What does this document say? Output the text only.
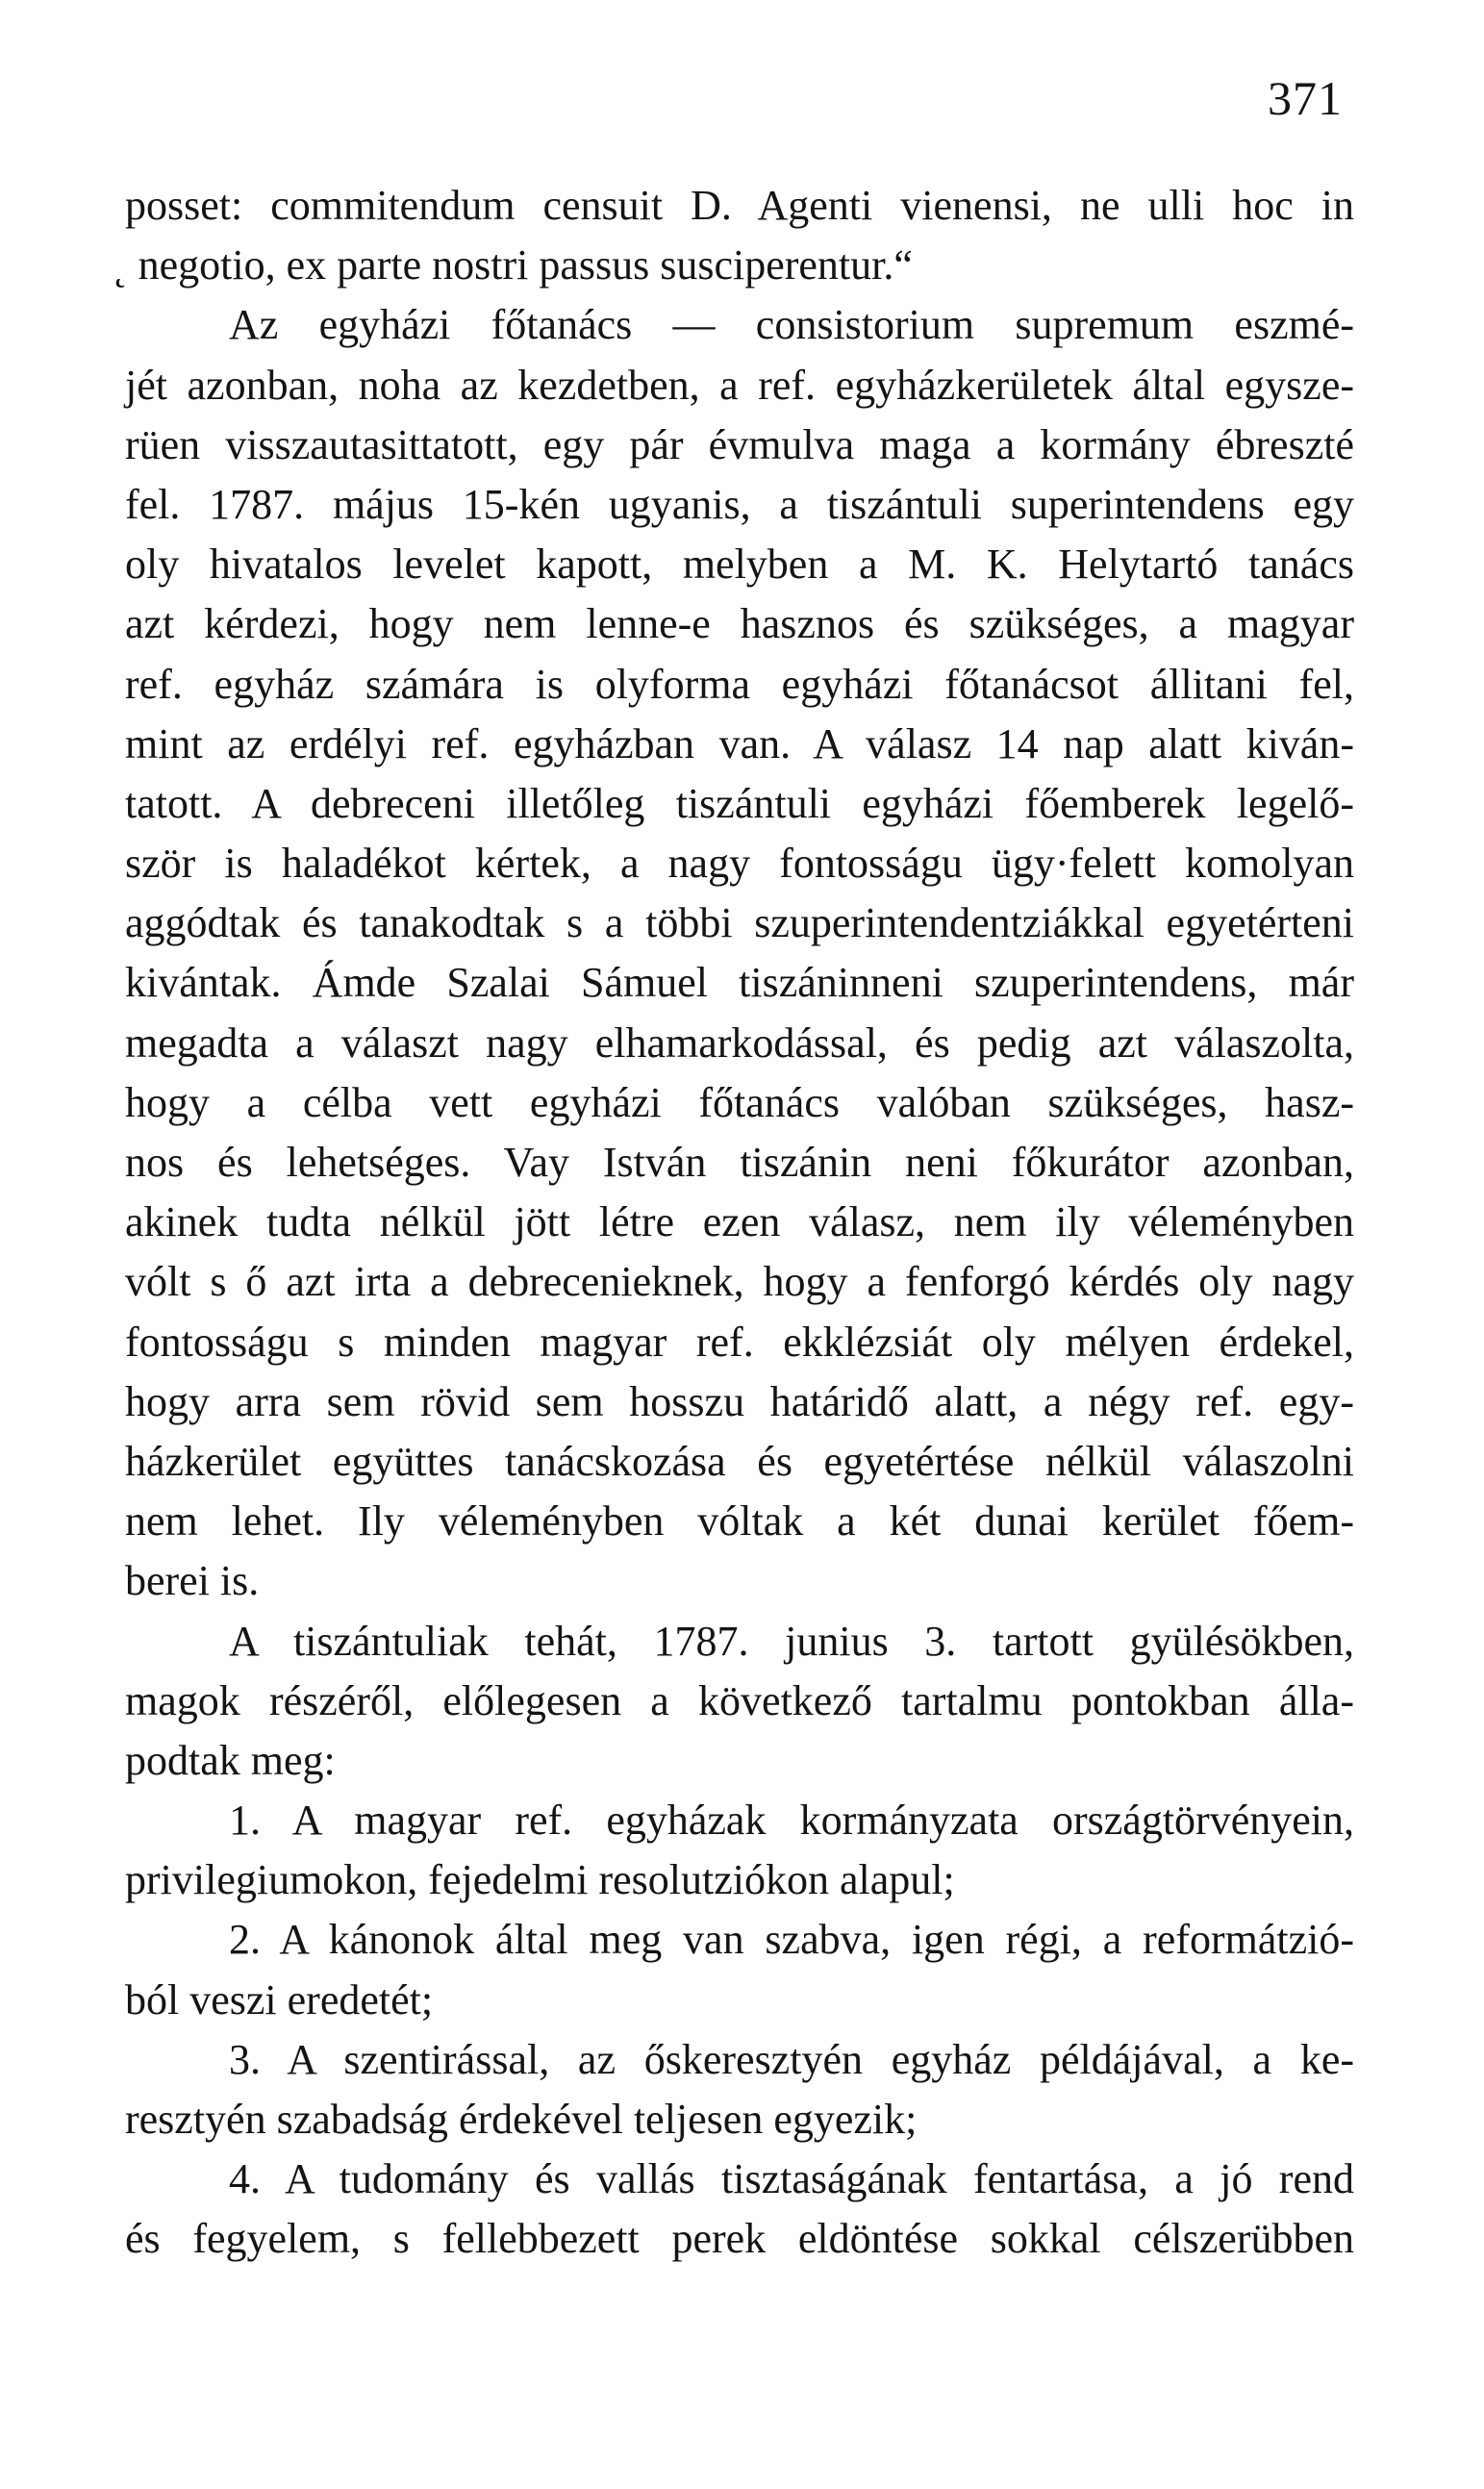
371
posset: commitendum censuit D. Agenti vienensi, ne ulli hoc in
˛ negotio, ex parte nostri passus susciperentur.“
Az egyházi főtanács — consistorium supremum eszmé-
jét azonban, noha az kezdetben, a ref. egyházkerületek által egysze-
rüen visszautasittatott, egy pár évmulva maga a kormány ébreszté
fel. 1787. május 15-kén ugyanis, a tiszántuli superintendens egy
oly hivatalos levelet kapott, melyben a M. K. Helytartó tanács
azt kérdezi, hogy nem lenne-e hasznos és szükséges, a magyar
ref. egyház számára is olyforma egyházi főtanácsot állitani fel,
mint az erdélyi ref. egyházban van. A válasz 14 nap alatt kiván-
tatott. A debreceni illetőleg tiszántuli egyházi főemberek legelő-
ször is haladékot kértek, a nagy fontosságu ügy·felett komolyan
aggódtak és tanakodtak s a többi szuperintendentziákkal egyetérteni
kivántak. Ámde Szalai Sámuel tiszáninneni szuperintendens, már
megadta a választ nagy elhamarkodással, és pedig azt válaszolta,
hogy a célba vett egyházi főtanács valóban szükséges, hasz-
nos és lehetséges. Vay István tiszánin neni főkurátor azonban,
akinek tudta nélkül jött létre ezen válasz, nem ily véleményben
vólt s ő azt irta a debrecenieknek, hogy a fenforgó kérdés oly nagy
fontosságu s minden magyar ref. ekklézsiát oly mélyen érdekel,
hogy arra sem rövid sem hosszu határidő alatt, a négy ref. egy-
házkerület együttes tanácskozása és egyetértése nélkül válaszolni
nem lehet. Ily véleményben vóltak a két dunai kerület főem-
berei is.
A tiszántuliak tehát, 1787. junius 3. tartott gyülésökben,
magok részéről, előlegesen a következő tartalmu pontokban álla-
podtak meg:
1. A magyar ref. egyházak kormányzata országtörvényein,
privilegiumokon, fejedelmi resolutziókon alapul;
2. A kánonok által meg van szabva, igen régi, a reformátzió-
ból veszi eredetét;
3. A szentirással, az őskeresztyén egyház példájával, a ke-
resztyén szabadság érdekével teljesen egyezik;
4. A tudomány és vallás tisztaságának fentartása, a jó rend
és fegyelem, s fellebbezett perek eldöntése sokkal célszerübben
